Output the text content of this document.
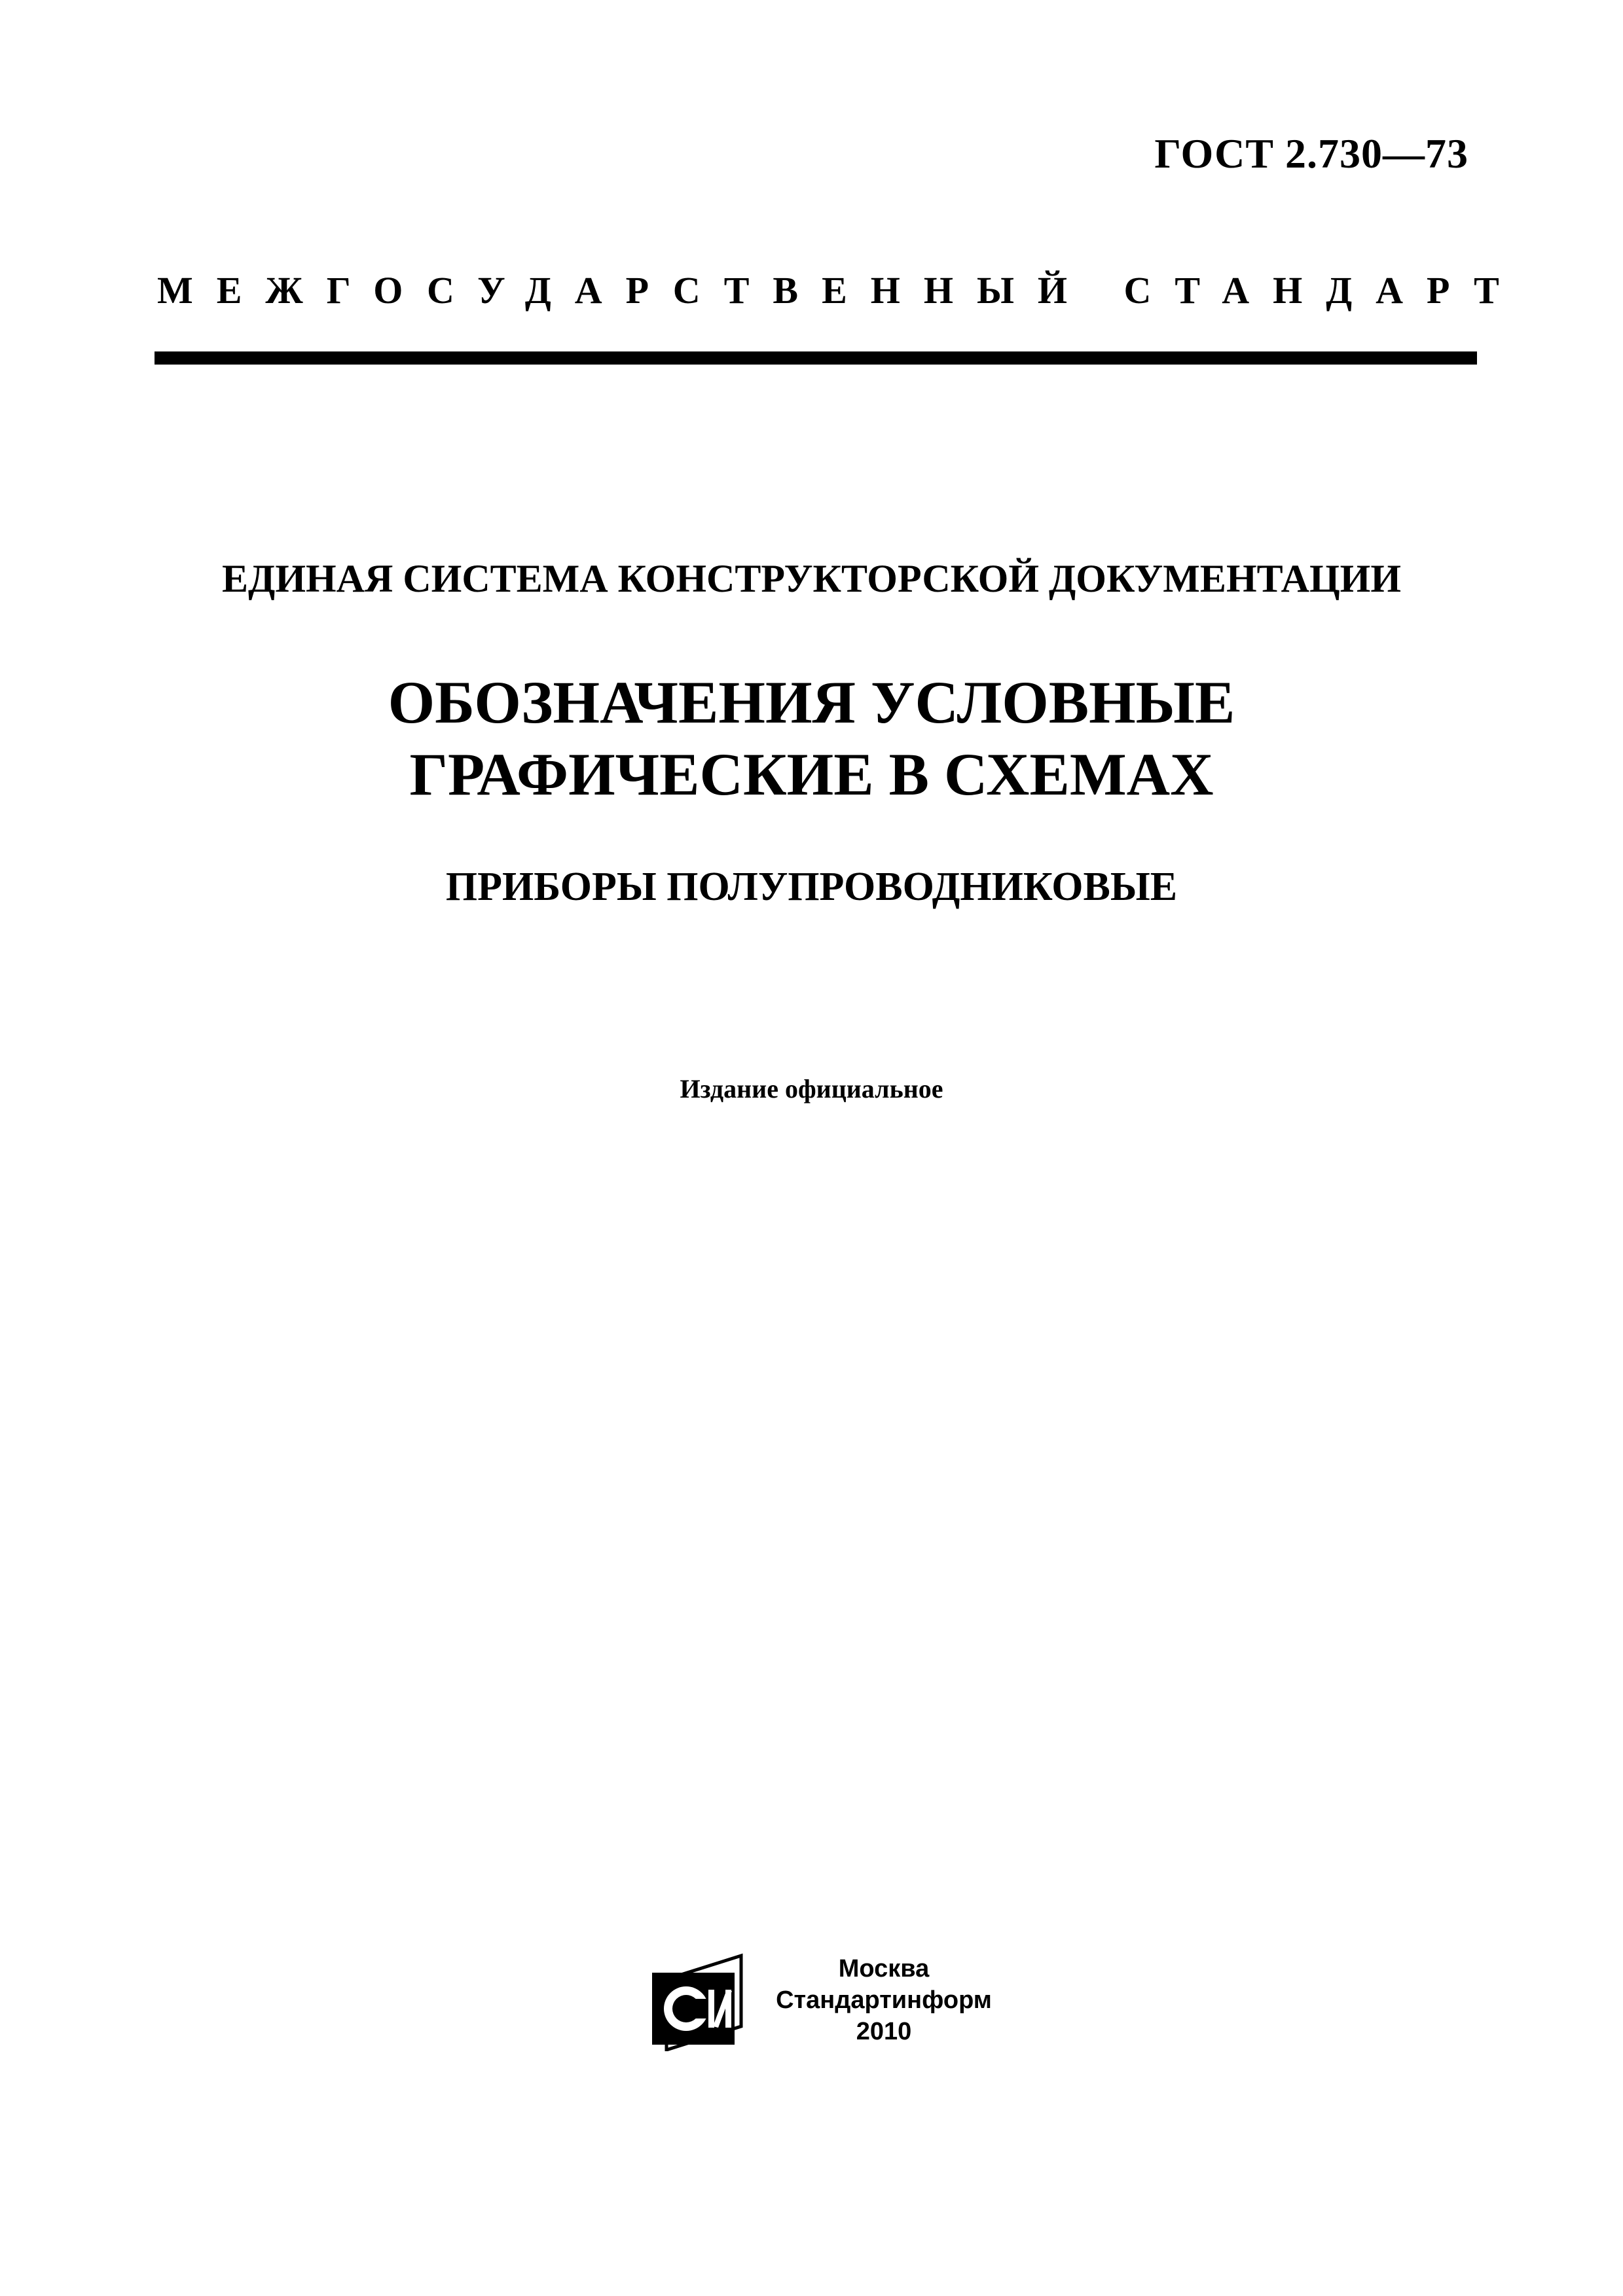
ГОСТ 2.730—73
МЕЖГОСУДАРСТВЕННЫЙ СТАНДАРТ
ЕДИНАЯ СИСТЕМА КОНСТРУКТОРСКОЙ ДОКУМЕНТАЦИИ
ОБОЗНАЧЕНИЯ УСЛОВНЫЕ
ГРАФИЧЕСКИЕ В СХЕМАХ
ПРИБОРЫ ПОЛУПРОВОДНИКОВЫЕ
Издание официальное
Москва
Стандартинформ
2010
